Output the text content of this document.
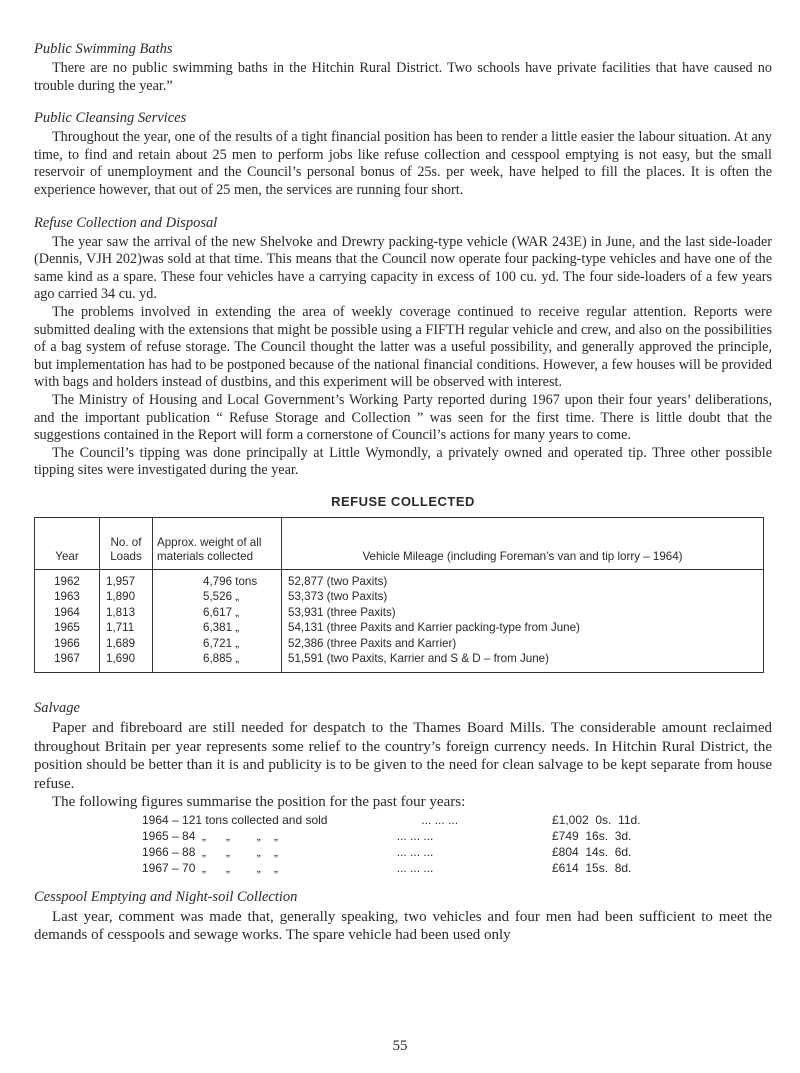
Public Swimming Baths

There are no public swimming baths in the Hitchin Rural District. Two schools have private facilities that have caused no trouble during the year.”

Public Cleansing Services

Throughout the year, one of the results of a tight financial position has been to render a little easier the labour situation. At any time, to find and retain about 25 men to perform jobs like refuse collection and cesspool emptying is not easy, but the small reservoir of unemployment and the Council’s personal bonus of 25s. per week, have helped to fill the places. It is often the experience however, that out of 25 men, the services are running four short.

Refuse Collection and Disposal

The year saw the arrival of the new Shelvoke and Drewry packing-type vehicle (WAR 243E) in June, and the last side-loader (Dennis, VJH 202)was sold at that time. This means that the Council now operate four packing-type vehicles and have one of the same kind as a spare. These four vehicles have a carrying capacity in excess of 100 cu. yd. The four side-loaders of a few years ago carried 34 cu. yd.

The problems involved in extending the area of weekly coverage continued to receive regular attention. Reports were submitted dealing with the extensions that might be possible using a FIFTH regular vehicle and crew, and also on the possibilities of a bag system of refuse storage. The Council thought the latter was a useful possibility, and generally approved the principle, but implementation has had to be postponed because of the national financial conditions. However, a few houses will be provided with bags and holders instead of dustbins, and this experiment will be observed with interest.

The Ministry of Housing and Local Government’s Working Party reported during 1967 upon their four years’ deliberations, and the important publication “ Refuse Storage and Collection ” was seen for the first time. There is little doubt that the suggestions contained in the Report will form a cornerstone of Council’s actions for many years to come.

The Council’s tipping was done principally at Little Wymondly, a privately owned and operated tip. Three other possible tipping sites were investigated during the year.

REFUSE COLLECTED
Year	No. of Loads	Approx. weight of all materials collected	Vehicle Mileage (including Foreman’s van and tip lorry – 1964)
1962	1,957	4,796 tons	52,877 (two Paxits)
1963	1,890	5,526 „	53,373 (two Paxits)
1964	1,813	6,617 „	53,931 (three Paxits)
1965	1,711	6,381 „	54,131 (three Paxits and Karrier packing-type from June)
1966	1,689	6,721 „	52,386 (three Paxits and Karrier)
1967	1,690	6,885 „	51,591 (two Paxits, Karrier and S & D – from June)
Salvage

Paper and fibreboard are still needed for despatch to the Thames Board Mills. The considerable amount reclaimed throughout Britain per year represents some relief to the country’s foreign currency needs. In Hitchin Rural District, the position should be better than it is and publicity is to be given to the need for clean salvage to be kept separate from house refuse.

The following figures summarise the position for the past four years:

1964 – 121 tons collected and sold	... ... ...	£1,002  0s.  11d.
1965 – 84  „      „        „    „	... ... ...	£749  16s.  3d.
1966 – 88  „      „        „    „	... ... ...	£804  14s.  6d.
1967 – 70  „      „        „    „	... ... ...	£614  15s.  8d.
Cesspool Emptying and Night-soil Collection

Last year, comment was made that, generally speaking, two vehicles and four men had been sufficient to meet the demands of cesspools and sewage works. The spare vehicle had been used only

55
